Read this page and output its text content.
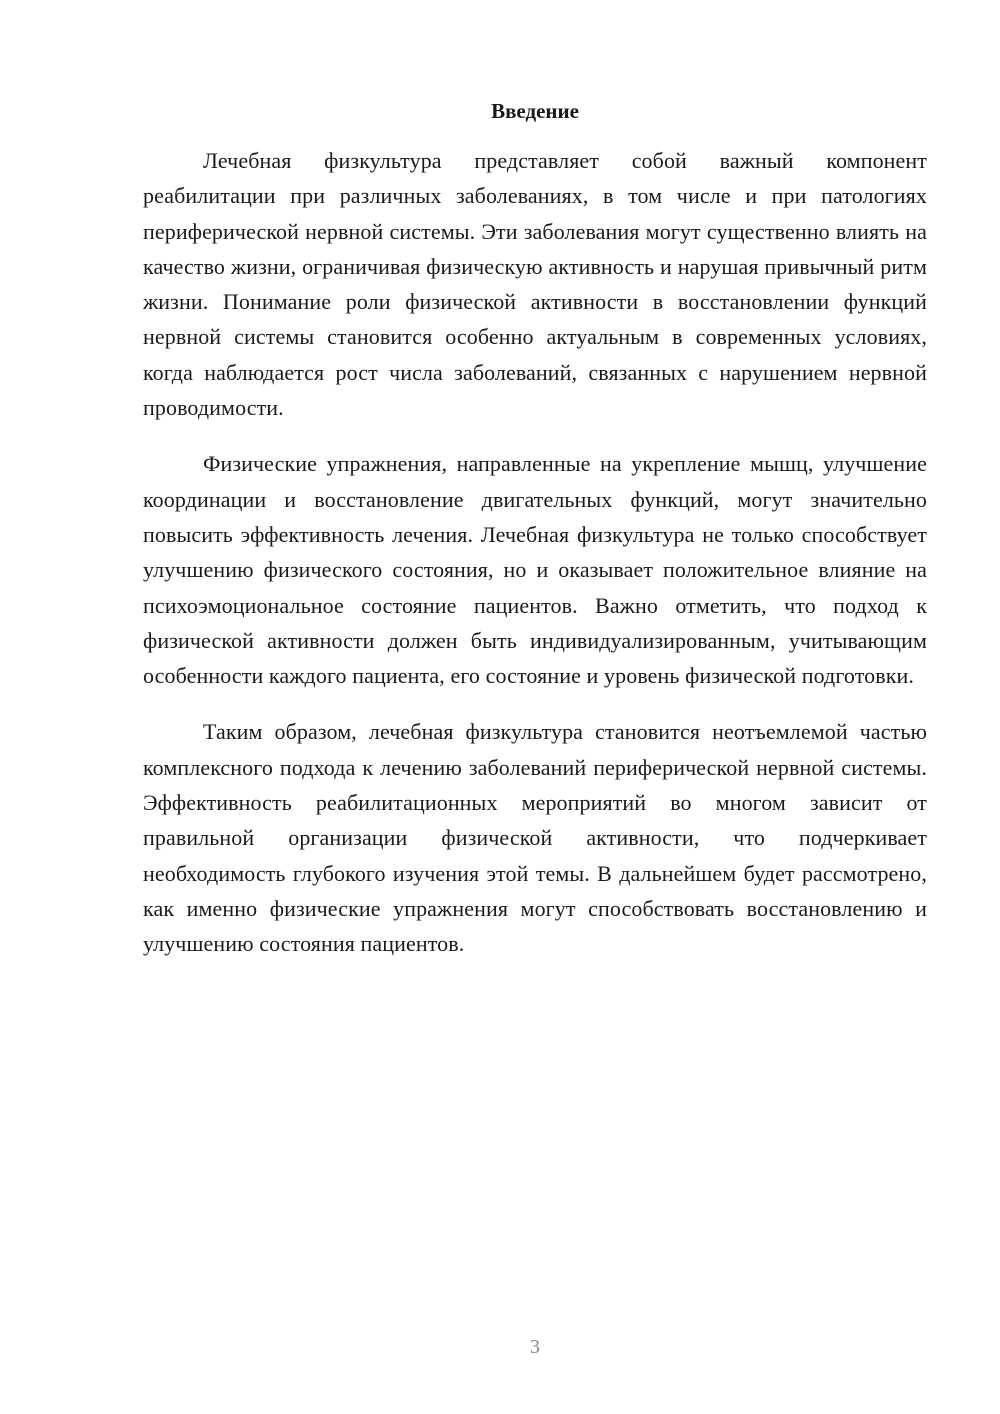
Введение

Лечебная физкультура представляет собой важный компонент реабилитации при различных заболеваниях, в том числе и при патологиях периферической нервной системы. Эти заболевания могут существенно влиять на качество жизни, ограничивая физическую активность и нарушая привычный ритм жизни. Понимание роли физической активности в восстановлении функций нервной системы становится особенно актуальным в современных условиях, когда наблюдается рост числа заболеваний, связанных с нарушением нервной проводимости.

Физические упражнения, направленные на укрепление мышц, улучшение координации и восстановление двигательных функций, могут значительно повысить эффективность лечения. Лечебная физкультура не только способствует улучшению физического состояния, но и оказывает положительное влияние на психоэмоциональное состояние пациентов. Важно отметить, что подход к физической активности должен быть индивидуализированным, учитывающим особенности каждого пациента, его состояние и уровень физической подготовки.

Таким образом, лечебная физкультура становится неотъемлемой частью комплексного подхода к лечению заболеваний периферической нервной системы. Эффективность реабилитационных мероприятий во многом зависит от правильной организации физической активности, что подчеркивает необходимость глубокого изучения этой темы. В дальнейшем будет рассмотрено, как именно физические упражнения могут способствовать восстановлению и улучшению состояния пациентов.

3
